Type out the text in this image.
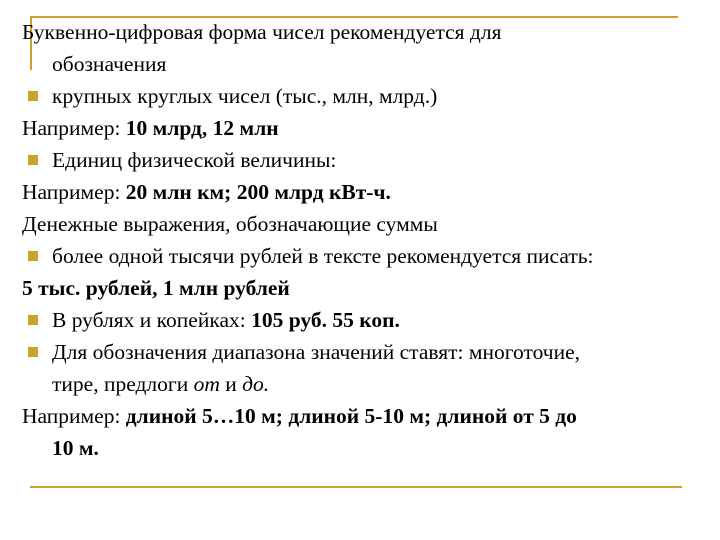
Буквенно-цифровая форма чисел рекомендуется для
обозначения
крупных круглых чисел (тыс., млн, млрд.)
Например: 10 млрд, 12 млн
Единиц физической величины:
Например: 20 млн км; 200 млрд кВт-ч.
Денежные выражения, обозначающие суммы
более одной тысячи рублей в тексте рекомендуется писать:
5 тыс. рублей, 1 млн рублей
В рублях и копейках: 105 руб. 55 коп.
Для обозначения диапазона значений ставят: многоточие,
тире, предлоги от и до.
Например: длиной 5…10 м; длиной 5-10 м; длиной от 5 до
10 м.
